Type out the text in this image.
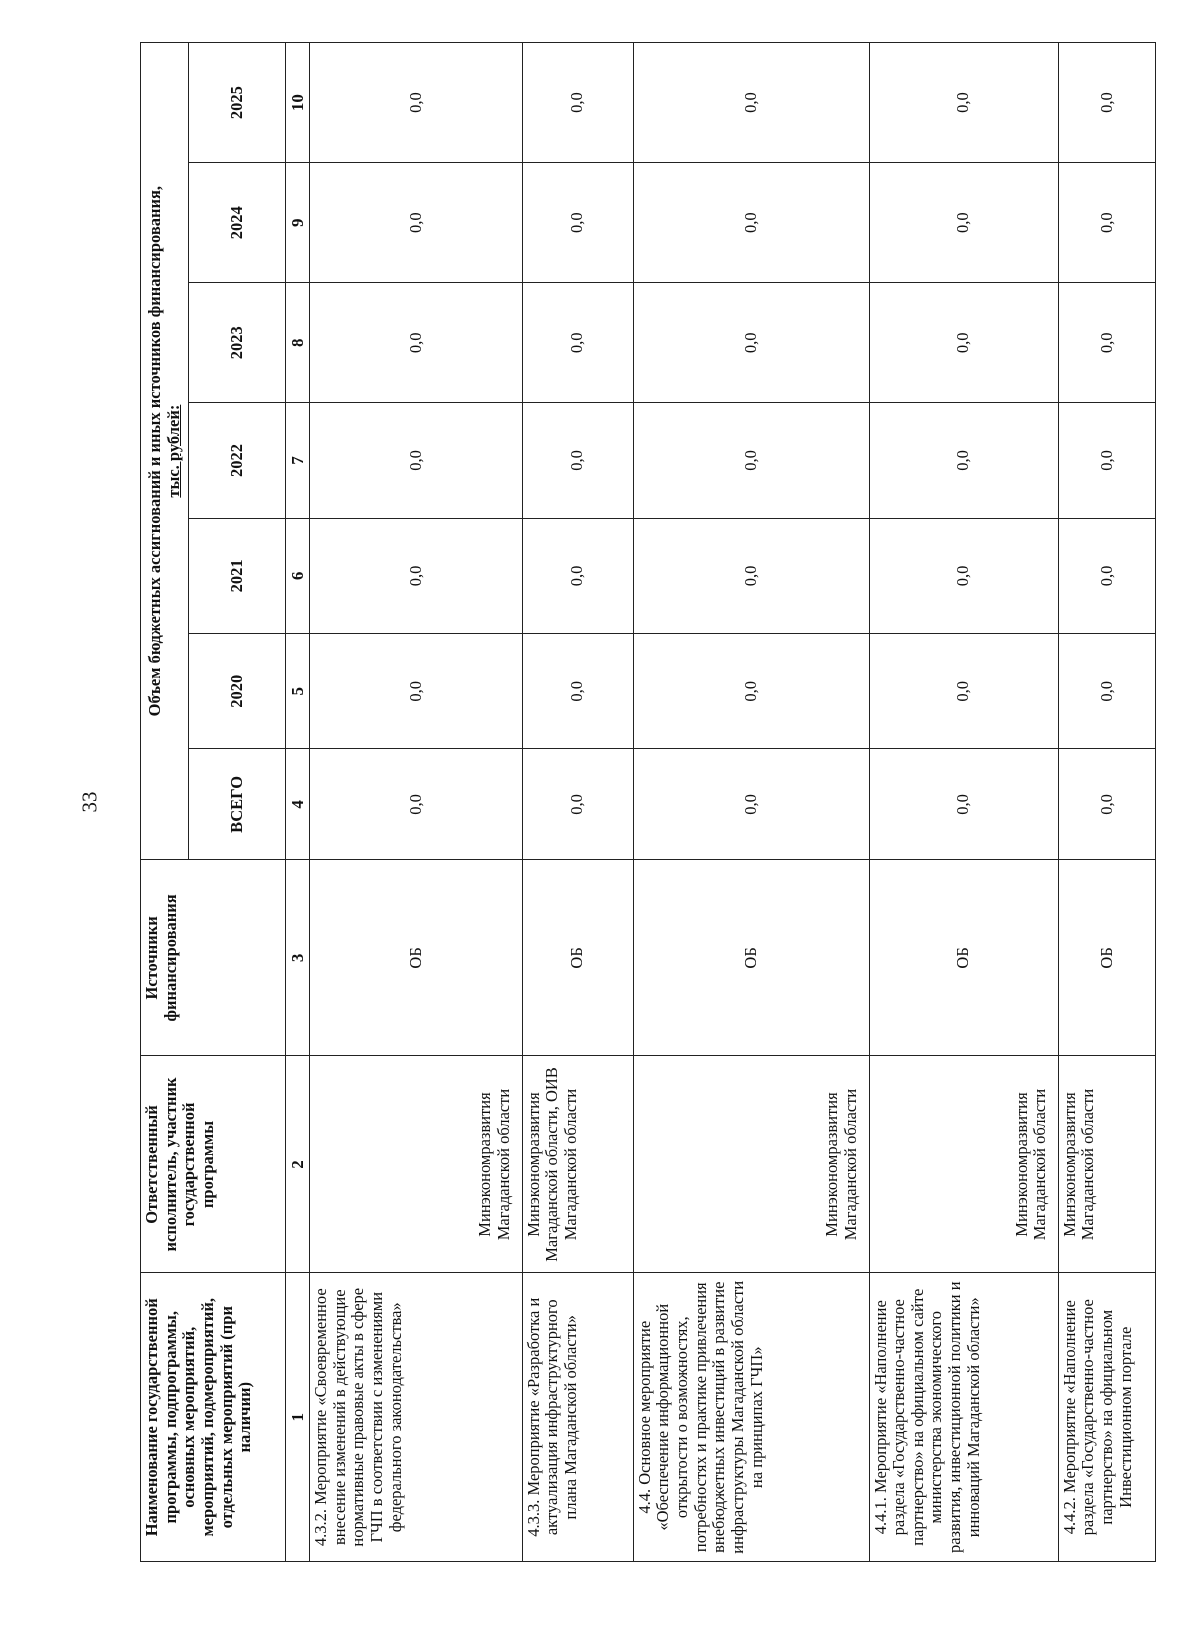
33
Наименование государственной программы, подпрограммы, основных мероприятий, мероприятий, подмероприятий, отдельных мероприятий (при наличии)	Ответственный исполнитель, участник государственной программы	Источники финансирования	Объем бюджетных ассигнований и иных источников финансирования,
тыс. рублей:						
			ВСЕГО	2020	2021	2022	2023	2024	2025
1	2	3	4	5	6	7	8	9	10
4.3.2. Мероприятие «Своевременное внесение изменений в действующие нормативные правовые акты в сфере ГЧП в соответствии с изменениями федерального законодательства»	Минэкономразвития Магаданской области	ОБ	0,0	0,0	0,0	0,0	0,0	0,0	0,0
4.3.3. Мероприятие «Разработка и актуализация инфраструктурного плана Магаданской области»	Минэкономразвития Магаданской области, ОИВ Магаданской области	ОБ	0,0	0,0	0,0	0,0	0,0	0,0	0,0
4.4. Основное мероприятие «Обеспечение информационной открытости о возможностях, потребностях и практике привлечения внебюджетных инвестиций в развитие инфраструктуры Магаданской области на принципах ГЧП»	Минэкономразвития Магаданской области	ОБ	0,0	0,0	0,0	0,0	0,0	0,0	0,0
4.4.1. Мероприятие «Наполнение раздела «Государственно-частное партнерство» на официальном сайте министерства экономического развития, инвестиционной политики и инноваций Магаданской области»	Минэкономразвития Магаданской области	ОБ	0,0	0,0	0,0	0,0	0,0	0,0	0,0
4.4.2. Мероприятие «Наполнение раздела «Государственно-частное партнерство» на официальном Инвестиционном портале	Минэкономразвития Магаданской области	ОБ	0,0	0,0	0,0	0,0	0,0	0,0	0,0
